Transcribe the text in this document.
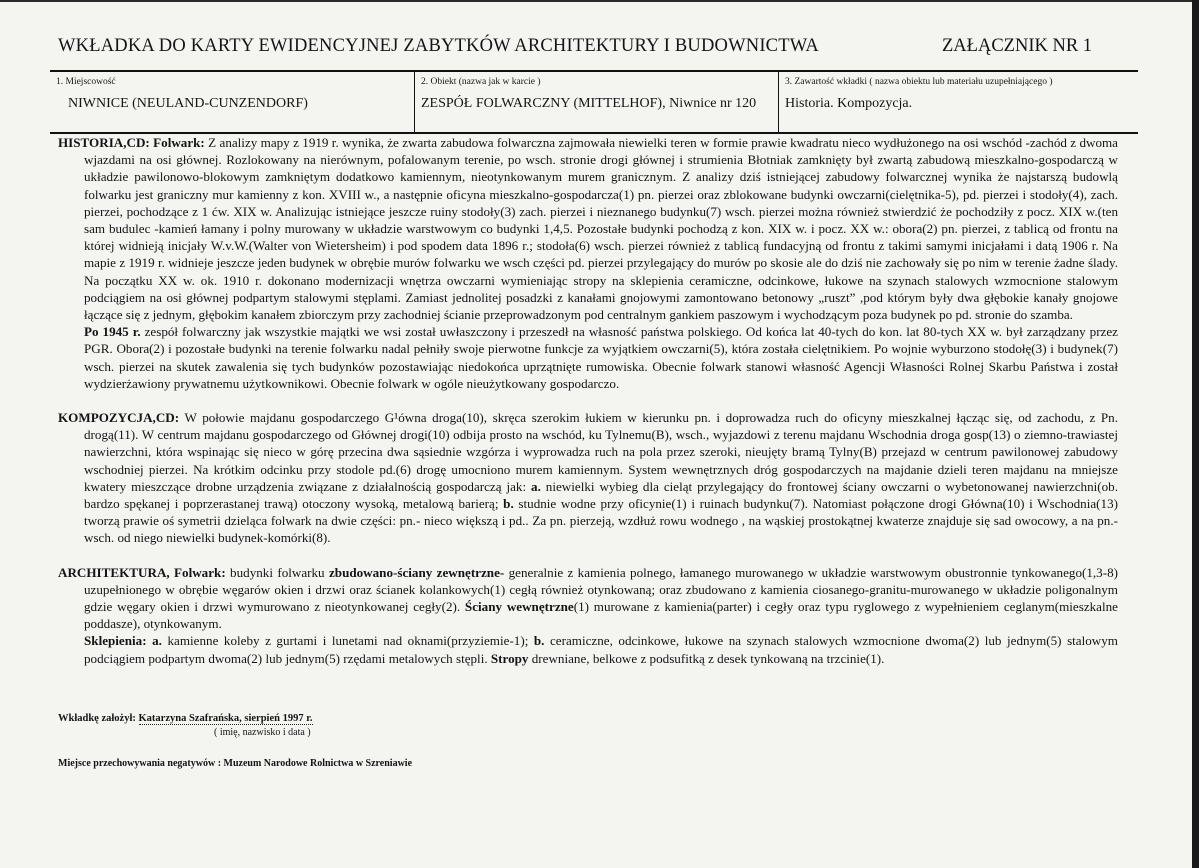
WKŁADKA DO KARTY EWIDENCYJNEJ ZABYTKÓW ARCHITEKTURY I BUDOWNICTWA	ZAŁĄCZNIK NR 1
1. Miejscowość
NIWNICE (NEULAND-CUNZENDORF)
2. Obiekt (nazwa jak w karcie )
ZESPÓŁ FOLWARCZNY (MITTELHOF), Niwnice nr 120
3. Zawartość wkładki ( nazwa obiektu lub materiału uzupełniającego )
Historia. Kompozycja.

HISTORIA,CD: Folwark: Z analizy mapy z 1919 r. wynika, że zwarta zabudowa folwarczna zajmowała niewielki teren w formie prawie kwadratu nieco wydłużonego na osi wschód -zachód z dwoma wjazdami na osi głównej. Rozlokowany na nierównym, pofalowanym terenie, po wsch. stronie drogi głównej i strumienia Błotniak zamknięty był zwartą zabudową mieszkalno-gospodarczą w układzie pawilonowo-blokowym zamkniętym dodatkowo kamiennym, nieotynkowanym murem granicznym. Z analizy dziś istniejącej zabudowy folwarcznej wynika że najstarszą budowlą folwarku jest graniczny mur kamienny z kon. XVIII w., a następnie oficyna mieszkalno-gospodarcza(1) pn. pierzei oraz zblokowane budynki owczarni(cielętnika-5), pd. pierzei i stodoły(4), zach. pierzei, pochodzące z 1 ćw. XIX w. Analizując istniejące jeszcze ruiny stodoły(3) zach. pierzei i nieznanego budynku(7) wsch. pierzei można również stwierdzić że pochodziły z pocz. XIX w.(ten sam budulec -kamień łamany i polny murowany w układzie warstwowym co budynki 1,4,5. Pozostałe budynki pochodzą z kon. XIX w. i pocz. XX w.: obora(2) pn. pierzei, z tablicą od frontu na której widnieją inicjały W.v.W.(Walter von Wietersheim) i pod spodem data 1896 r.; stodoła(6) wsch. pierzei również z tablicą fundacyjną od frontu z takimi samymi inicjałami i datą 1906 r. Na mapie z 1919 r. widnieje jeszcze jeden budynek w obrębie murów folwarku we wsch części pd. pierzei przylegający do murów po skosie ale do dziś nie zachowały się po nim w terenie żadne ślady. Na początku XX w. ok. 1910 r. dokonano modernizacji wnętrza owczarni wymieniając stropy na sklepienia ceramiczne, odcinkowe, łukowe na szynach stalowych wzmocnione stalowym podciągiem na osi głównej podpartym stalowymi stęplami. Zamiast jednolitej posadzki z kanałami gnojowymi zamontowano betonowy „ruszt” ,pod którym były dwa głębokie kanały gnojowe łączące się z jednym, głębokim kanałem zbiorczym przy zachodniej ścianie przeprowadzonym pod centralnym gankiem paszowym i wychodzącym poza budynek po pd. stronie do szamba.

Po 1945 r. zespół folwarczny jak wszystkie majątki we wsi został uwłaszczony i przeszedł na własność państwa polskiego. Od końca lat 40-tych do kon. lat 80-tych XX w. był zarządzany przez PGR. Obora(2) i pozostałe budynki na terenie folwarku nadal pełniły swoje pierwotne funkcje za wyjątkiem owczarni(5), która została cielętnikiem. Po wojnie wyburzono stodołę(3) i budynek(7) wsch. pierzei na skutek zawalenia się tych budynków pozostawiając niedokońca uprzątnięte rumowiska. Obecnie folwark stanowi własność Agencji Własności Rolnej Skarbu Państwa i został wydzierżawiony prywatnemu użytkownikowi. Obecnie folwark w ogóle nieużytkowany gospodarczo.

KOMPOZYCJA,CD: W połowie majdanu gospodarczego G¹ówna droga(10), skręca szerokim łukiem w kierunku pn. i doprowadza ruch do oficyny mieszkalnej łącząc się, od zachodu, z Pn. drogą(11). W centrum majdanu gospodarczego od Głównej drogi(10) odbija prosto na wschód, ku Tylnemu(B), wsch., wyjazdowi z terenu majdanu Wschodnia droga gosp(13) o ziemno-trawiastej nawierzchni, która wspinając się nieco w górę przecina dwa sąsiednie wzgórza i wyprowadza ruch na pola przez szeroki, nieujęty bramą Tylny(B) przejazd w centrum pawilonowej zabudowy wschodniej pierzei. Na krótkim odcinku przy stodole pd.(6) drogę umocniono murem kamiennym. System wewnętrznych dróg gospodarczych na majdanie dzieli teren majdanu na mniejsze kwatery mieszczące drobne urządzenia związane z działalnością gospodarczą jak: a. niewielki wybieg dla cieląt przylegający do frontowej ściany owczarni o wybetonowanej nawierzchni(ob. bardzo spękanej i poprzerastanej trawą) otoczony wysoką, metalową barierą; b. studnie wodne przy oficynie(1) i ruinach budynku(7). Natomiast połączone drogi Główna(10) i Wschodnia(13) tworzą prawie oś symetrii dzieląca folwark na dwie części: pn.- nieco większą i pd.. Za pn. pierzeją, wzdłuż rowu wodnego , na wąskiej prostokątnej kwaterze znajduje się sad owocowy, a na pn.-wsch. od niego niewielki budynek-komórki(8).

ARCHITEKTURA, Folwark: budynki folwarku zbudowano-ściany zewnętrzne- generalnie z kamienia polnego, łamanego murowanego w układzie warstwowym obustronnie tynkowanego(1,3-8) uzupełnionego w obrębie węgarów okien i drzwi oraz ścianek kolankowych(1) cegłą również otynkowaną; oraz zbudowano z kamienia ciosanego-granitu-murowanego w układzie poligonalnym gdzie węgary okien i drzwi wymurowano z nieotynkowanej cegły(2). Ściany wewnętrzne(1) murowane z kamienia(parter) i cegły oraz typu ryglowego z wypełnieniem ceglanym(mieszkalne poddasze), otynkowanym.

Sklepienia: a. kamienne koleby z gurtami i lunetami nad oknami(przyziemie-1); b. ceramiczne, odcinkowe, łukowe na szynach stalowych wzmocnione dwoma(2) lub jednym(5) stalowym podciągiem podpartym dwoma(2) lub jednym(5) rzędami metalowych stępli. Stropy drewniane, belkowe z podsufitką z desek tynkowaną na trzcinie(1).

Wkładkę założył: Katarzyna Szafrańska, sierpień 1997 r.
( imię, nazwisko i data )
Miejsce przechowywania negatywów : Muzeum Narodowe Rolnictwa w Szreniawie
